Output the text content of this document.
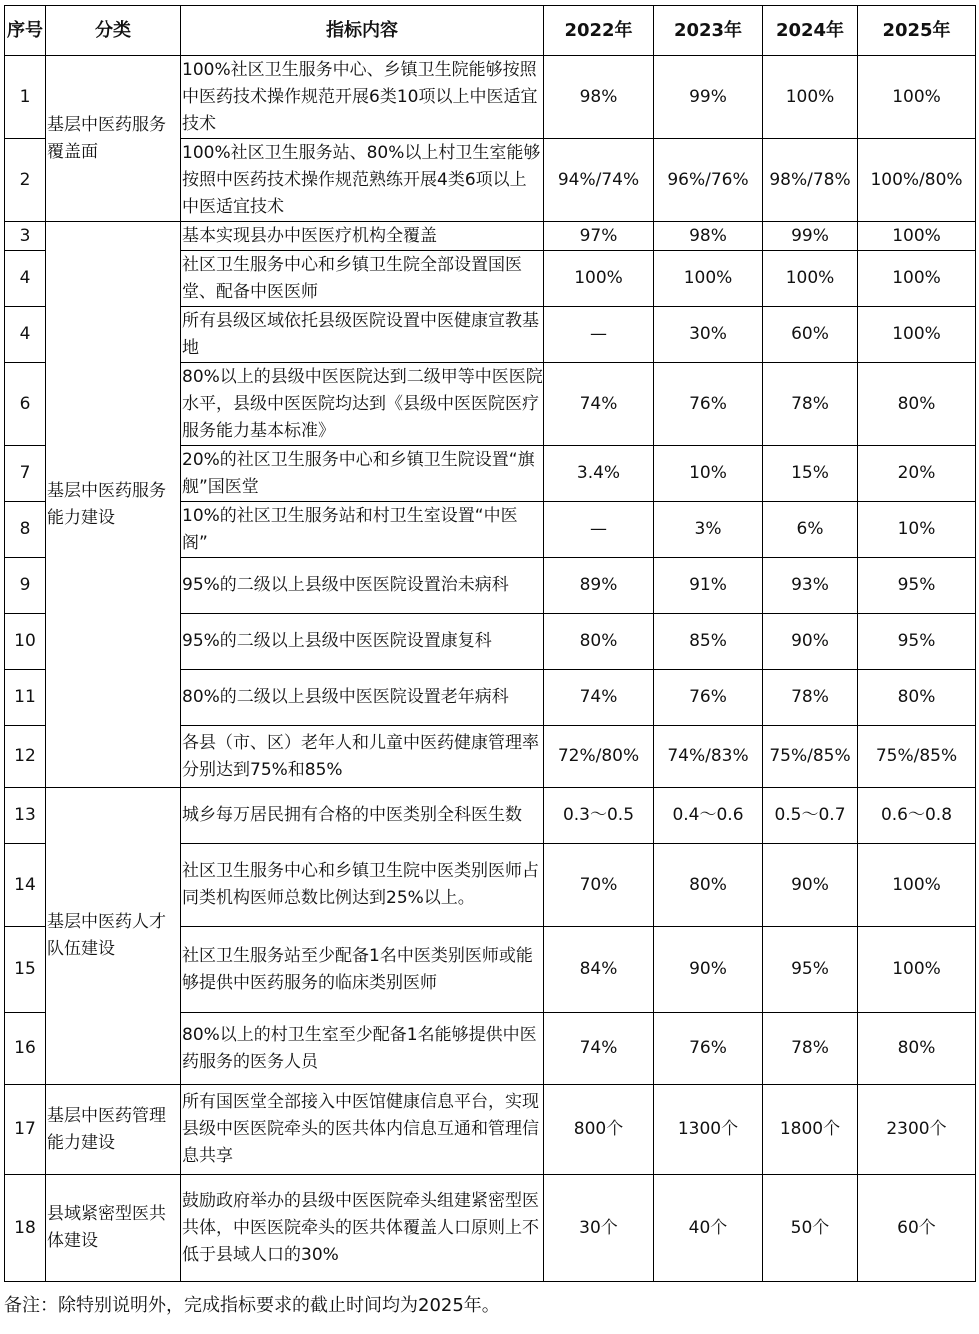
序号	分类	指标内容	2022年	2023年	2024年	2025年
1	基层中医药服务覆盖面	100%社区卫生服务中心、乡镇卫生院能够按照中医药技术操作规范开展6类10项以上中医适宜技术	98%	99%	100%	100%
2		100%社区卫生服务站、80%以上村卫生室能够按照中医药技术操作规范熟练开展4类6项以上中医适宜技术	94%/74%	96%/76%	98%/78%	100%/80%
3	基层中医药服务能力建设	基本实现县办中医医疗机构全覆盖	97%	98%	99%	100%
4		社区卫生服务中心和乡镇卫生院全部设置国医堂、配备中医医师	100%	100%	100%	100%
4		所有县级区域依托县级医院设置中医健康宣教基地	—	30%	60%	100%
6		80%以上的县级中医医院达到二级甲等中医医院水平，县级中医医院均达到《县级中医医院医疗服务能力基本标准》	74%	76%	78%	80%
7		20%的社区卫生服务中心和乡镇卫生院设置“旗舰”国医堂	3.4%	10%	15%	20%
8		10%的社区卫生服务站和村卫生室设置“中医阁”	—	3%	6%	10%
9		95%的二级以上县级中医医院设置治未病科	89%	91%	93%	95%
10		95%的二级以上县级中医医院设置康复科	80%	85%	90%	95%
11		80%的二级以上县级中医医院设置老年病科	74%	76%	78%	80%
12		各县（市、区）老年人和儿童中医药健康管理率分别达到75%和85%	72%/80%	74%/83%	75%/85%	75%/85%
13	基层中医药人才队伍建设	城乡每万居民拥有合格的中医类别全科医生数	0.3～0.5	0.4～0.6	0.5～0.7	0.6～0.8
14		社区卫生服务中心和乡镇卫生院中医类别医师占同类机构医师总数比例达到25%以上。	70%	80%	90%	100%
15		社区卫生服务站至少配备1名中医类别医师或能够提供中医药服务的临床类别医师	84%	90%	95%	100%
16		80%以上的村卫生室至少配备1名能够提供中医药服务的医务人员	74%	76%	78%	80%
17	基层中医药管理能力建设	所有国医堂全部接入中医馆健康信息平台，实现县级中医医院牵头的医共体内信息互通和管理信息共享	800个	1300个	1800个	2300个
18	县域紧密型医共体建设	鼓励政府举办的县级中医医院牵头组建紧密型医共体，中医医院牵头的医共体覆盖人口原则上不低于县域人口的30%	30个	40个	50个	60个
备注：除特别说明外，完成指标要求的截止时间均为2025年。
